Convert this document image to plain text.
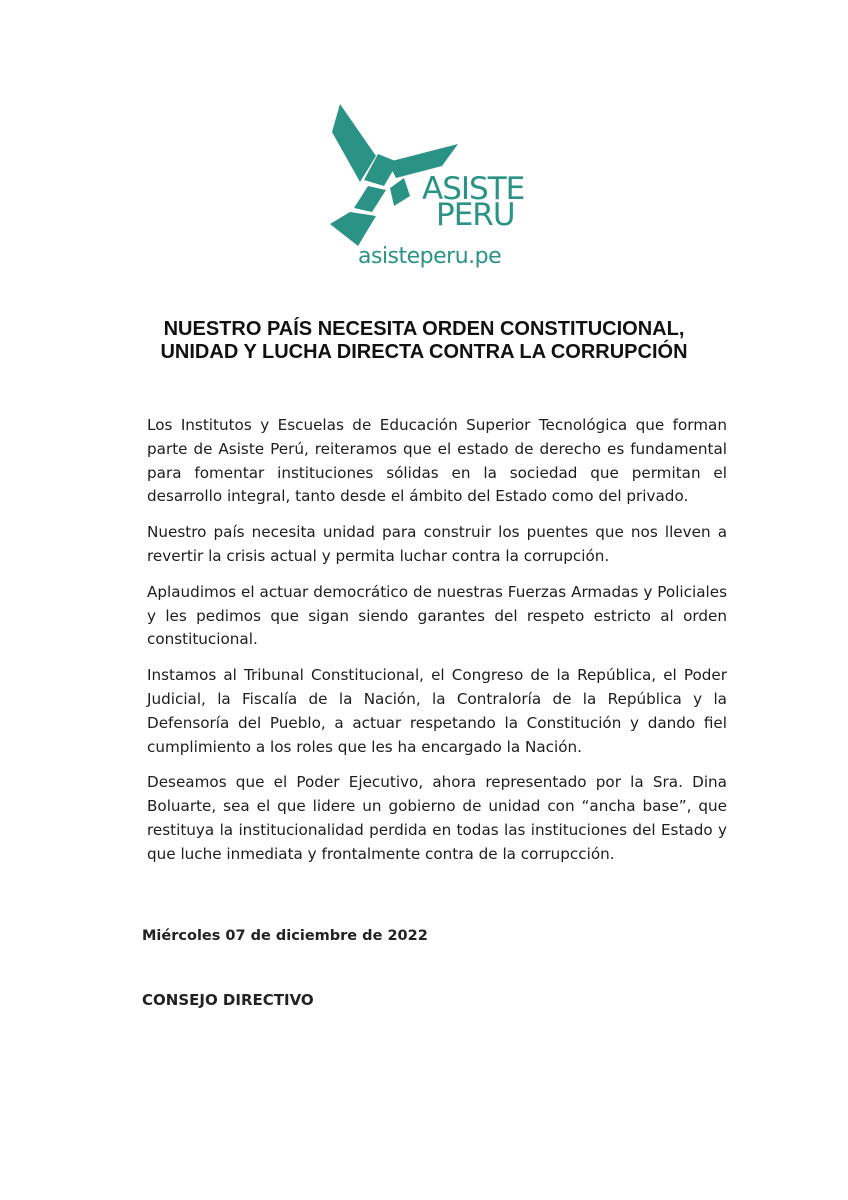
ASISTE
PERU
asisteperu.pe
NUESTRO PAÍS NECESITA ORDEN CONSTITUCIONAL,
UNIDAD Y LUCHA DIRECTA CONTRA LA CORRUPCIÓN

Los Institutos y Escuelas de Educación Superior Tecnológica que forman parte de Asiste Perú, reiteramos que el estado de derecho es fundamental para fomentar instituciones sólidas en la sociedad que permitan el desarrollo integral, tanto desde el ámbito del Estado como del privado.

Nuestro país necesita unidad para construir los puentes que nos lleven a revertir la crisis actual y permita luchar contra la corrupción.

Aplaudimos el actuar democrático de nuestras Fuerzas Armadas y Policiales y les pedimos que sigan siendo garantes del respeto estricto al orden constitucional.

Instamos al Tribunal Constitucional, el Congreso de la República, el Poder Judicial, la Fiscalía de la Nación, la Contraloría de la República y la Defensoría del Pueblo, a actuar respetando la Constitución y dando fiel cumplimiento a los roles que les ha encargado la Nación.

Deseamos que el Poder Ejecutivo, ahora representado por la Sra. Dina Boluarte, sea el que lidere un gobierno de unidad con “ancha base”, que restituya la institucionalidad perdida en todas las instituciones del Estado y que luche inmediata y frontalmente contra de la corrupcción.

Miércoles 07 de diciembre de 2022
CONSEJO DIRECTIVO
